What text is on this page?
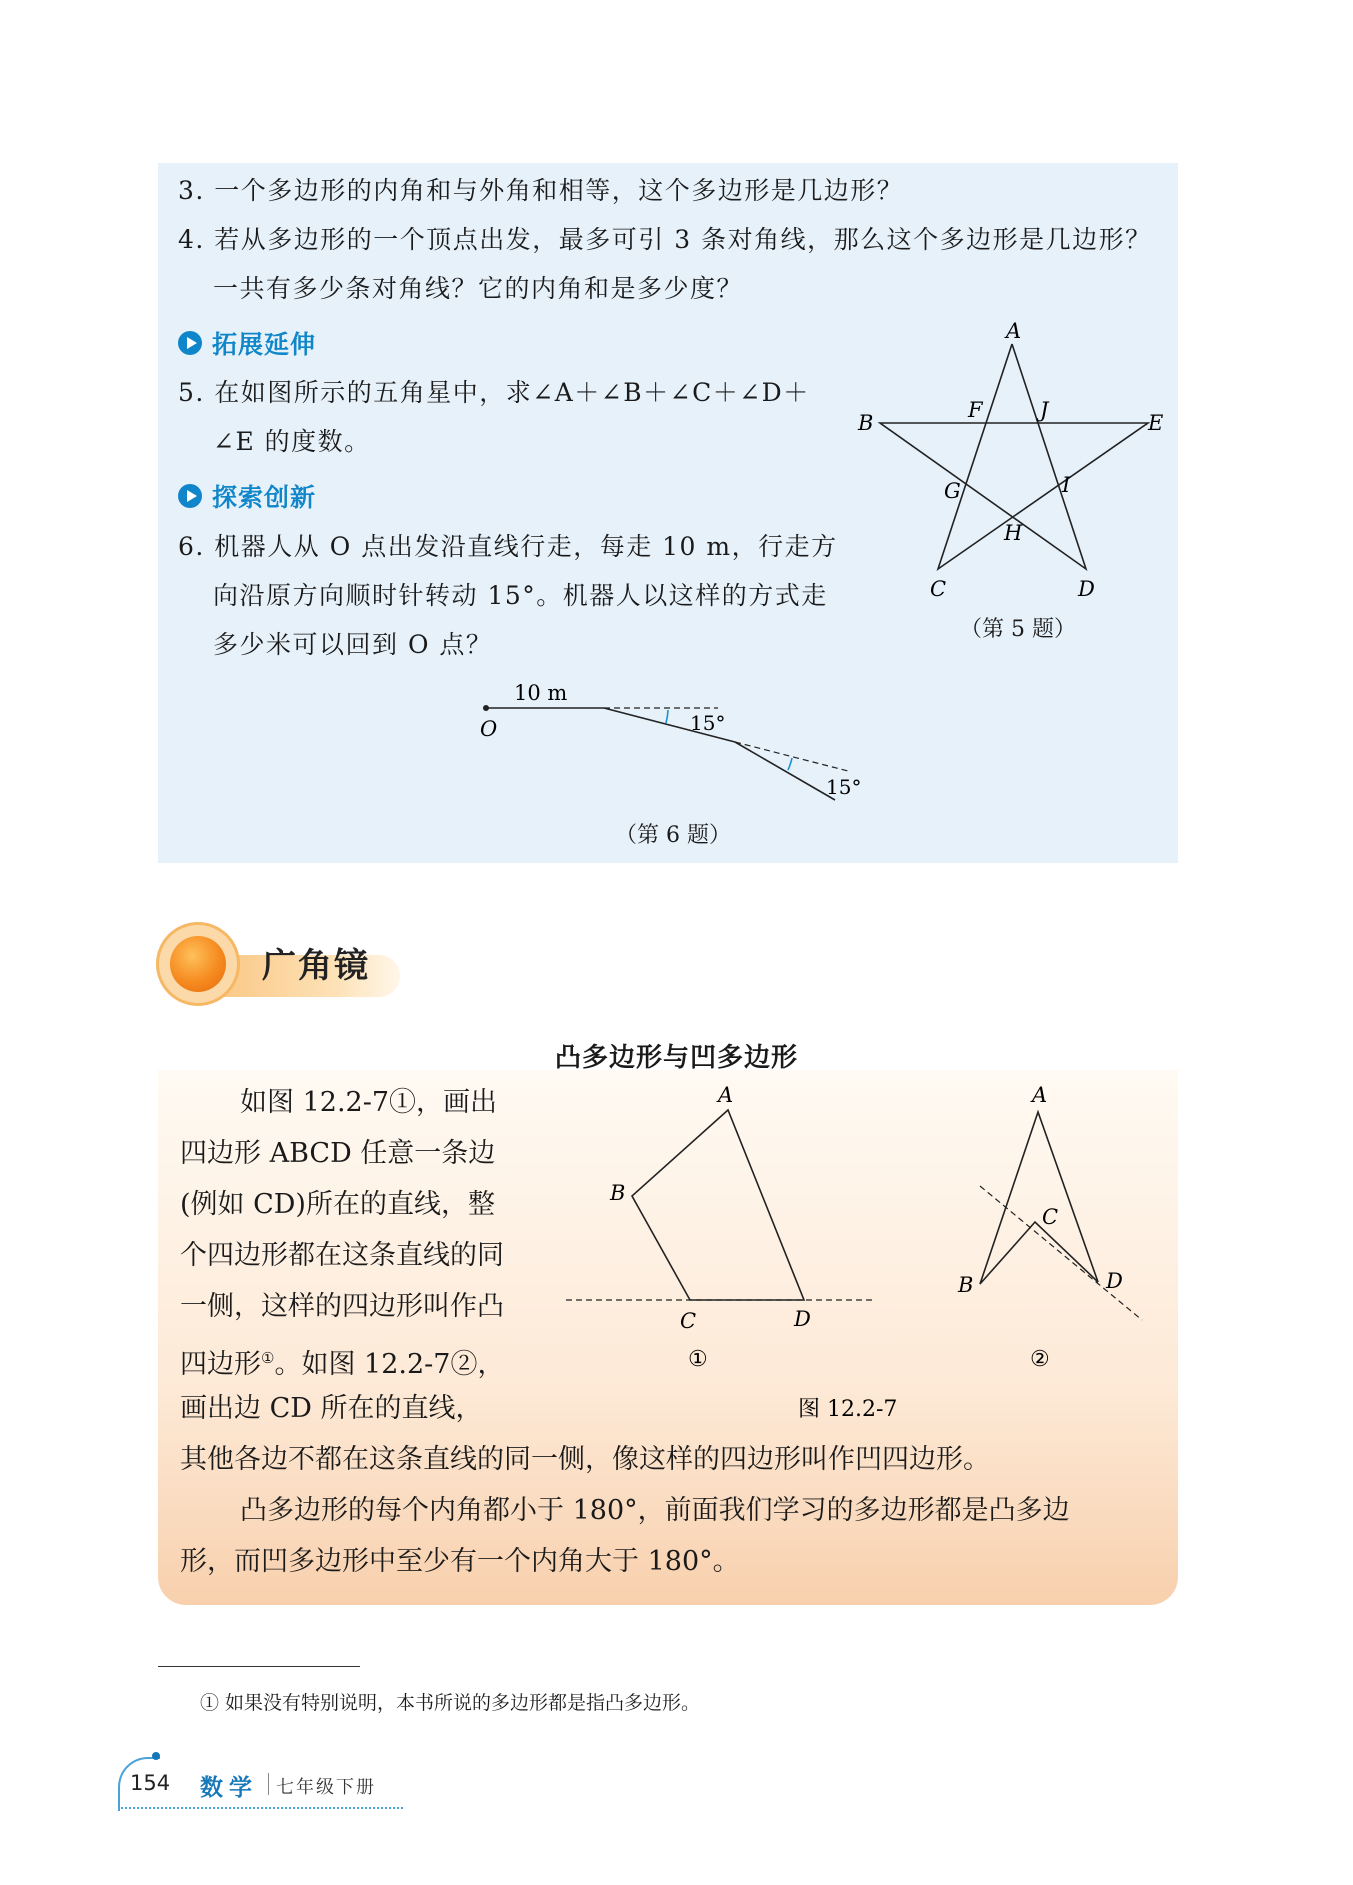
3. 一个多边形的内角和与外角和相等，这个多边形是几边形？
4. 若从多边形的一个顶点出发，最多可引 3 条对角线，那么这个多边形是几边形？
一共有多少条对角线？它的内角和是多少度？
拓展延伸
5. 在如图所示的五角星中，求∠A＋∠B＋∠C＋∠D＋
∠E 的度数。
探索创新
6. 机器人从 O 点出发沿直线行走，每走 10 m，行走方
向沿原方向顺时针转动 15°。机器人以这样的方式走
多少米可以回到 O 点？
A
B
C	D
E
F
G
H
I
J
（第 5 题）
O
10 m
15°
15°
（第 6 题）
广角镜
凸多边形与凹多边形
如图 12.2-7①，画出
四边形 ABCD 任意一条边
(例如 CD)所在的直线，整
个四边形都在这条直线的同
一侧，这样的四边形叫作凸
四边形①。如图 12.2-7②，
画出边 CD 所在的直线，
其他各边不都在这条直线的同一侧，像这样的四边形叫作凹四边形。
凸多边形的每个内角都小于 180°，前面我们学习的多边形都是凸多边
形，而凹多边形中至少有一个内角大于 180°。
A
B
C	D
①
A
B
C
D
②
图 12.2-7
① 如果没有特别说明，本书所说的多边形都是指凸多边形。
154 数学 七年级下册
